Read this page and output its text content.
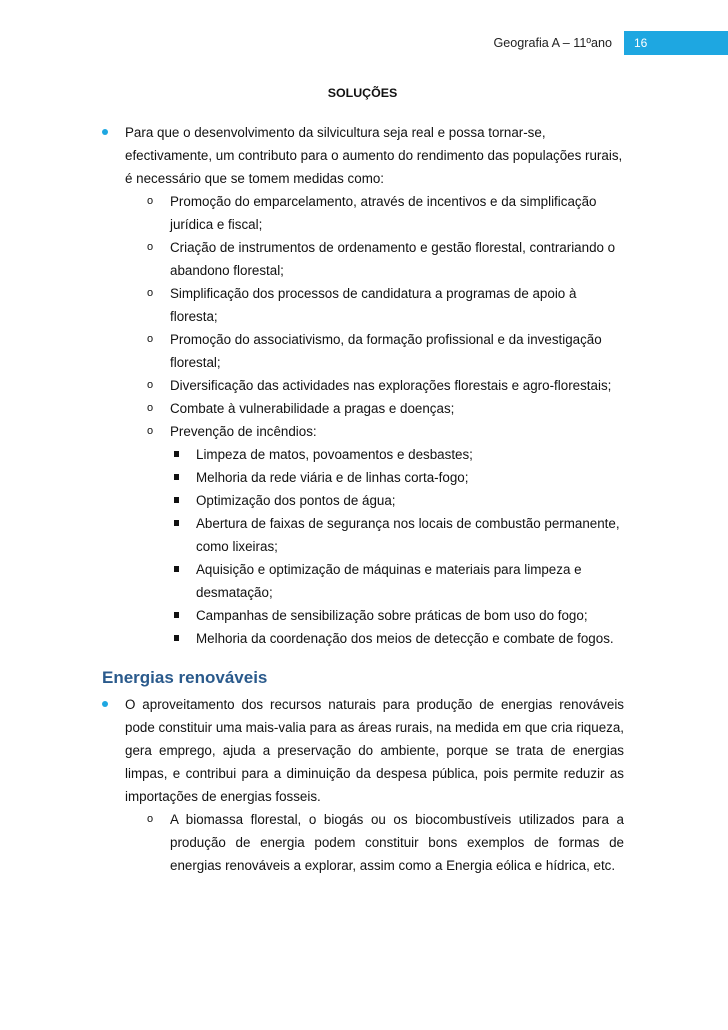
Geografia A – 11ºano 16
SOLUÇÕES

Para que o desenvolvimento da silvicultura seja real e possa tornar-se, efectivamente, um contributo para o aumento do rendimento das populações rurais, é necessário que se tomem medidas como:

o Promoção do emparcelamento, através de incentivos e da simplificação jurídica e fiscal;

o Criação de instrumentos de ordenamento e gestão florestal, contrariando o abandono florestal;

o Simplificação dos processos de candidatura a programas de apoio à floresta;

o Promoção do associativismo, da formação profissional e da investigação florestal;

o Diversificação das actividades nas explorações florestais e agro-florestais;

o Combate à vulnerabilidade a pragas e doenças;

o Prevenção de incêndios:

Limpeza de matos, povoamentos e desbastes;

Melhoria da rede viária e de linhas corta-fogo;

Optimização dos pontos de água;

Abertura de faixas de segurança nos locais de combustão permanente, como lixeiras;

Aquisição e optimização de máquinas e materiais para limpeza e desmatação;

Campanhas de sensibilização sobre práticas de bom uso do fogo;

Melhoria da coordenação dos meios de detecção e combate de fogos.

Energias renováveis

O aproveitamento dos recursos naturais para produção de energias renováveis pode constituir uma mais-valia para as áreas rurais, na medida em que cria riqueza, gera emprego, ajuda a preservação do ambiente, porque se trata de energias limpas, e contribui para a diminuição da despesa pública, pois permite reduzir as importações de energias fosseis.

o A biomassa florestal, o biogás ou os biocombustíveis utilizados para a produção de energia podem constituir bons exemplos de formas de energias renováveis a explorar, assim como a Energia eólica e hídrica, etc.
